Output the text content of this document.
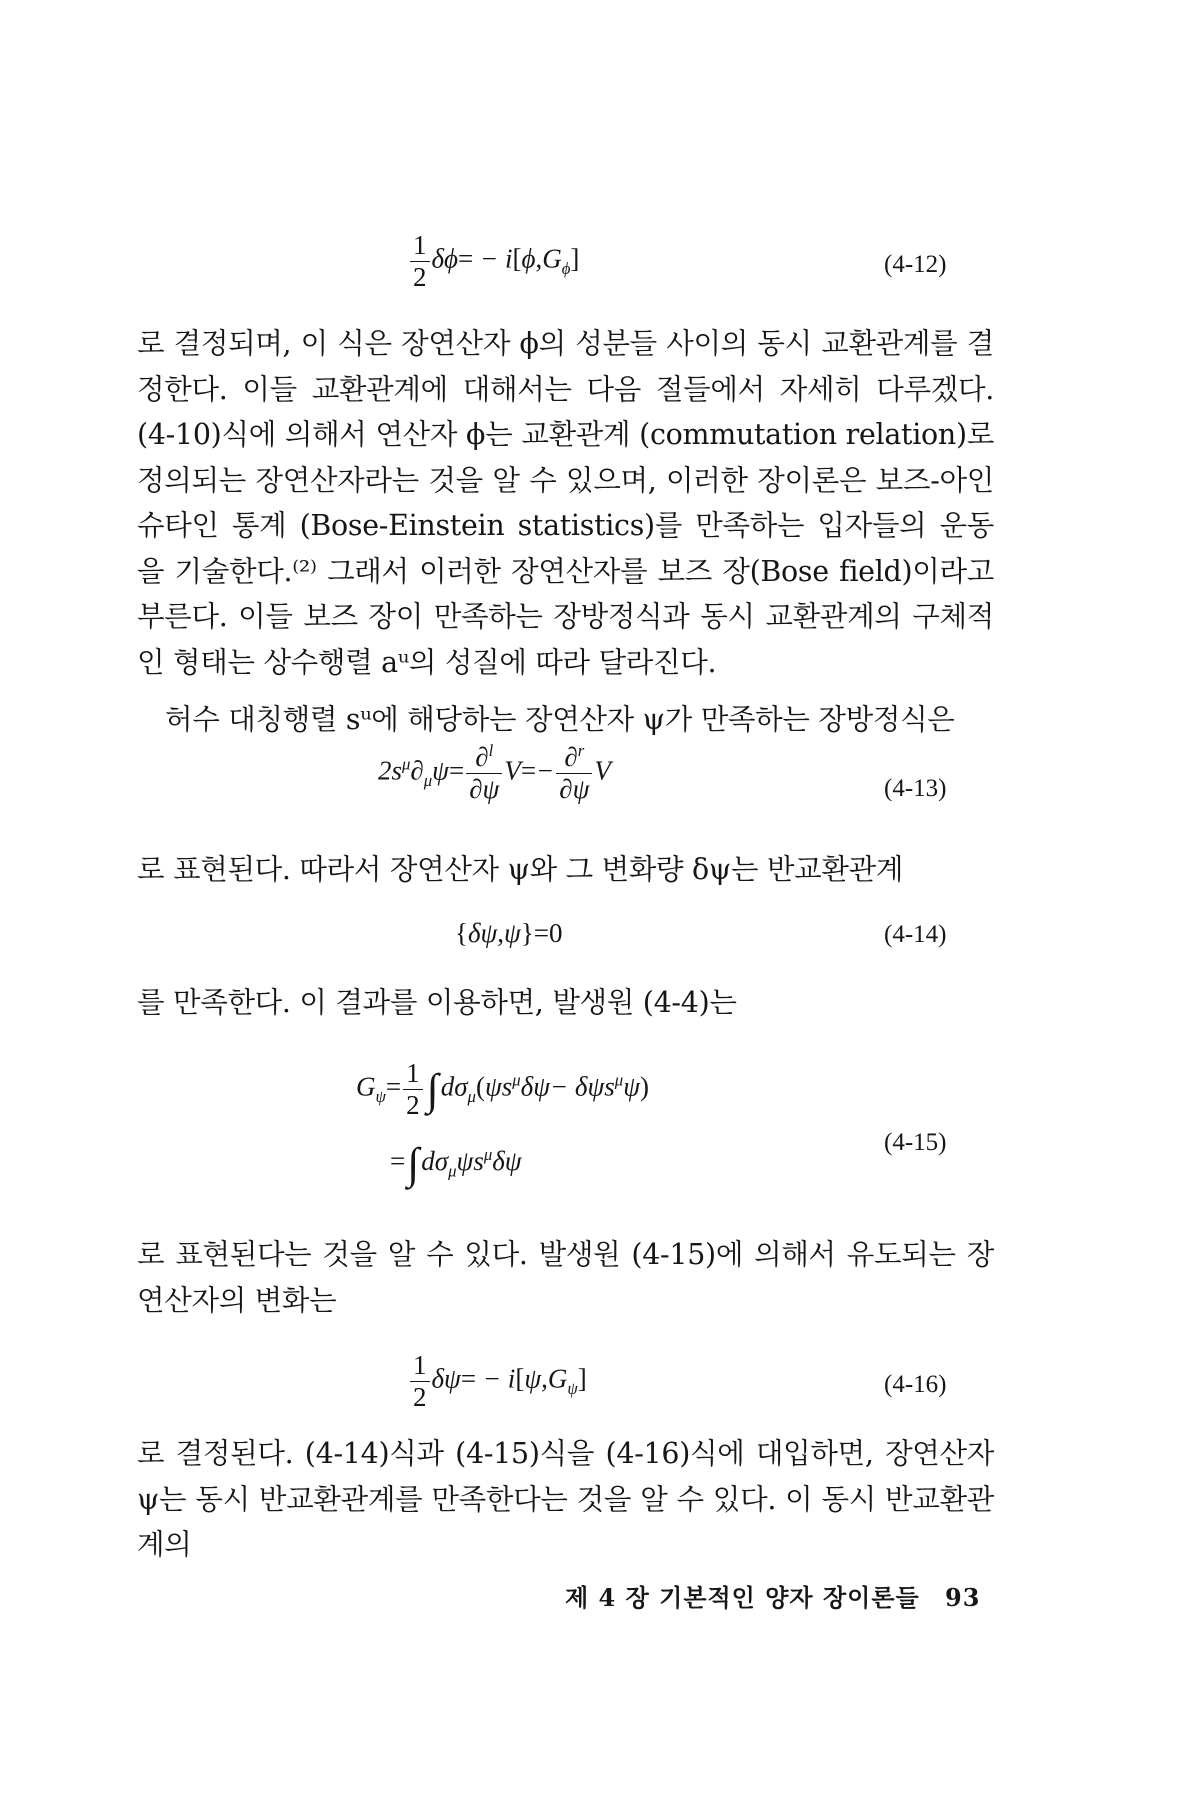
$\frac{1}{2} \delta\phi= - i[\phi,G_\phi]$	(4-12)

로 결정되며, 이 식은 장연산자 ϕ의 성분들 사이의 동시 교환관계를 결정한다. 이들 교환관계에 대해서는 다음 절들에서 자세히 다루겠다. (4-10)식에 의해서 연산자 ϕ는 교환관계 (commutation relation)로 정의되는 장연산자라는 것을 알 수 있으며, 이러한 장이론은 보즈-아인슈타인 통계 (Bose-Einstein statistics)를 만족하는 입자들의 운동을 기술한다.⁽²⁾ 그래서 이러한 장연산자를 보즈 장(Bose field)이라고 부른다. 이들 보즈 장이 만족하는 장방정식과 동시 교환관계의 구체적인 형태는 상수행렬 aᵘ의 성질에 따라 달라진다.

허수 대칭행렬 sᵘ에 해당하는 장연산자 ψ가 만족하는 장방정식은

$2s^\mu\partial_\mu\psi= \frac{\partial^l}{\partial\psi} V=- \frac{\partial^r}{\partial\psi}$ V
(4-13)

로 표현된다. 따라서 장연산자 ψ와 그 변화량 δψ는 반교환관계

{δψ,ψ}=0	(4-14)

를 만족한다. 이 결과를 이용하면, 발생원 (4-4)는

$G_\psi= \frac{1}{2} \int d\sigma_\mu(\psi s^\mu\delta\psi- \delta\psi s^\mu\psi)$
$=\int d\sigma_\mu\psi s^\mu\delta\psi$
(4-15)

로 표현된다는 것을 알 수 있다. 발생원 (4-15)에 의해서 유도되는 장연산자의 변화는

$\frac{1}{2} \delta\psi= - i[\psi,G_\psi]$	(4-16)

로 결정된다. (4-14)식과 (4-15)식을 (4-16)식에 대입하면, 장연산자 ψ는 동시 반교환관계를 만족한다는 것을 알 수 있다. 이 동시 반교환관계의

제 4 장 기본적인 양자 장이론들 93
